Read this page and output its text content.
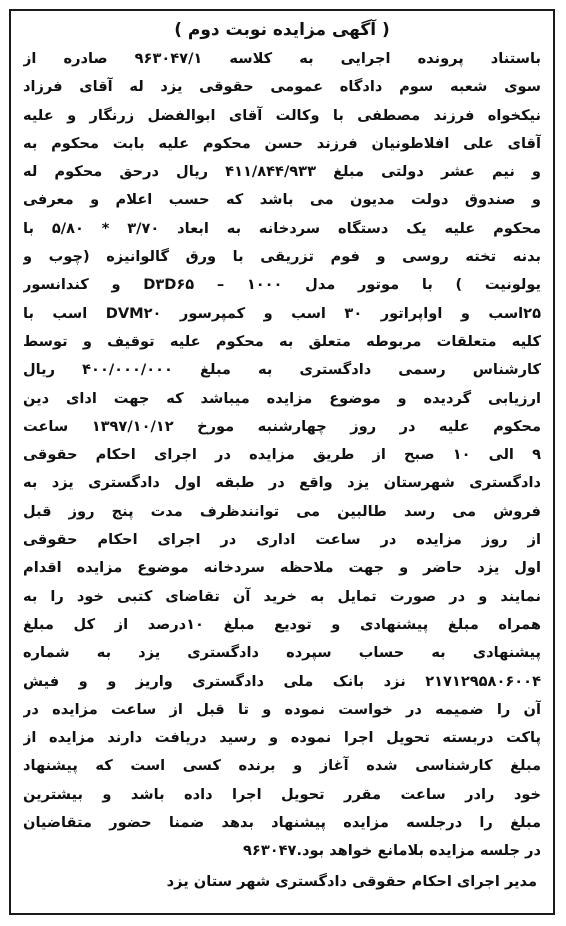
( آگهی مزایده نوبت دوم )
باستناد پرونده اجرایی به کلاسه ۹۶۳۰۴۷/۱ صادره از
سوی شعبه سوم دادگاه عمومی حقوقی یزد له آقای فرزاد
نیکخواه فرزند مصطفی با وکالت آقای ابوالفضل زرنگار و علیه
آقای علی افلاطونیان فرزند حسن محکوم علیه بابت محکوم به
و نیم عشر دولتی مبلغ ۴۱۱/۸۴۴/۹۳۳ ریال درحق محکوم له
و صندوق دولت مدیون می باشد که حسب اعلام و معرفی
محکوم علیه یک دستگاه سردخانه به ابعاد ۳/۷۰ * ۵/۸۰ با
بدنه تخته روسی و فوم تزریقی با ورق گالوانیزه (چوب و
یولونیت ) با موتور مدل ۱۰۰۰ – D۳D۶۵ و کندانسور
۲۵اسب و اواپراتور ۳۰ اسب و کمپرسور DVM۲۰ اسب با
کلیه متعلقات مربوطه متعلق به محکوم علیه توقیف و توسط
کارشناس رسمی دادگستری به مبلغ ۴۰۰/۰۰۰/۰۰۰ ریال
ارزیابی گردیده و موضوع مزایده میباشد که جهت ادای دین
محکوم علیه در روز چهارشنبه مورخ ۱۳۹۷/۱۰/۱۲ ساعت
۹ الی ۱۰ صبح از طریق مزایده در اجرای احکام حقوقی
دادگستری شهرستان یزد واقع در طبقه اول دادگستری یزد به
فروش می رسد طالبین می توانندظرف مدت پنج روز قبل
از روز مزایده در ساعت اداری در اجرای احکام حقوقی
اول یزد حاضر و جهت ملاحظه سردخانه موضوع مزایده اقدام
نمایند و در صورت تمایل به خرید آن تقاضای کتبی خود را به
همراه مبلغ پیشنهادی و تودیع مبلغ ۱۰درصد از کل مبلغ
پیشنهادی به حساب سپرده دادگستری یزد به شماره
۲۱۷۱۲۹۵۸۰۶۰۰۴ نزد بانک ملی دادگستری واریز و و فیش
آن را ضمیمه در خواست نموده و تا قبل از ساعت مزایده در
پاکت دربسته تحویل اجرا نموده و رسید دریافت دارند مزایده از
مبلغ کارشناسی شده آغاز و برنده کسی است که پیشنهاد
خود رادر ساعت مقرر تحویل اجرا داده باشد و بیشترین
مبلغ را درجلسه مزایده پیشنهاد بدهد ضمنا حضور متقاضیان
در جلسه مزایده بلامانع خواهد بود.۹۶۳۰۴۷
مدیر اجرای احکام حقوقی دادگستری شهر ستان یزد
